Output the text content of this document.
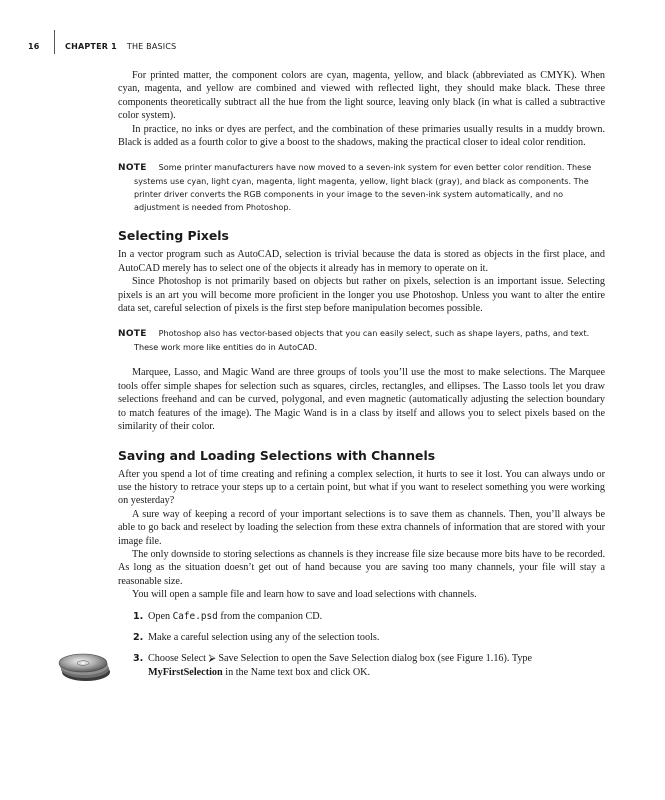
16	CHAPTER 1 THE BASICS

For printed matter, the component colors are cyan, magenta, yellow, and black (abbreviated as CMYK). When cyan, magenta, and yellow are combined and viewed with reflected light, they should make black. These three components theoretically subtract all the hue from the light source, leaving only black (in what is called a subtractive color system).

In practice, no inks or dyes are perfect, and the combination of these primaries usually results in a muddy brown. Black is added as a fourth color to give a boost to the shadows, making the practical closer to ideal color rendition.

NOTE Some printer manufacturers have now moved to a seven-ink system for even better color rendition. These systems use cyan, light cyan, magenta, light magenta, yellow, light black (gray), and black as components. The printer driver converts the RGB components in your image to the seven-ink system automatically, and no adjustment is needed from Photoshop.
Selecting Pixels

In a vector program such as AutoCAD, selection is trivial because the data is stored as objects in the first place, and AutoCAD merely has to select one of the objects it already has in memory to operate on it.

Since Photoshop is not primarily based on objects but rather on pixels, selection is an important issue. Selecting pixels is an art you will become more proficient in the longer you use Photoshop. Unless you want to alter the entire data set, careful selection of pixels is the first step before manipulation becomes possible.

NOTE Photoshop also has vector-based objects that you can easily select, such as shape layers, paths, and text. These work more like entities do in AutoCAD.

Marquee, Lasso, and Magic Wand are three groups of tools you’ll use the most to make selections. The Marquee tools offer simple shapes for selection such as squares, circles, rectangles, and ellipses. The Lasso tools let you draw selections freehand and can be curved, polygonal, and even magnetic (automatically adjusting the selection boundary to match features of the image). The Magic Wand is in a class by itself and allows you to select pixels based on the similarity of their color.

Saving and Loading Selections with Channels

After you spend a lot of time creating and refining a complex selection, it hurts to see it lost. You can always undo or use the history to retrace your steps up to a certain point, but what if you want to reselect something you were working on yesterday?

A sure way of keeping a record of your important selections is to save them as channels. Then, you’ll always be able to go back and reselect by loading the selection from these extra channels of information that are stored with your image file.

The only downside to storing selections as channels is they increase file size because more bits have to be recorded. As long as the situation doesn’t get out of hand because you are saving too many channels, your file will stay a reasonable size.

You will open a sample file and learn how to save and load selections with channels.

1. Open Cafe.psd from the companion CD.
2. Make a careful selection using any of the selection tools.
3. Choose Select ⮚ Save Selection to open the Save Selection dialog box (see Figure 1.16). Type MyFirstSelection in the Name text box and click OK.
